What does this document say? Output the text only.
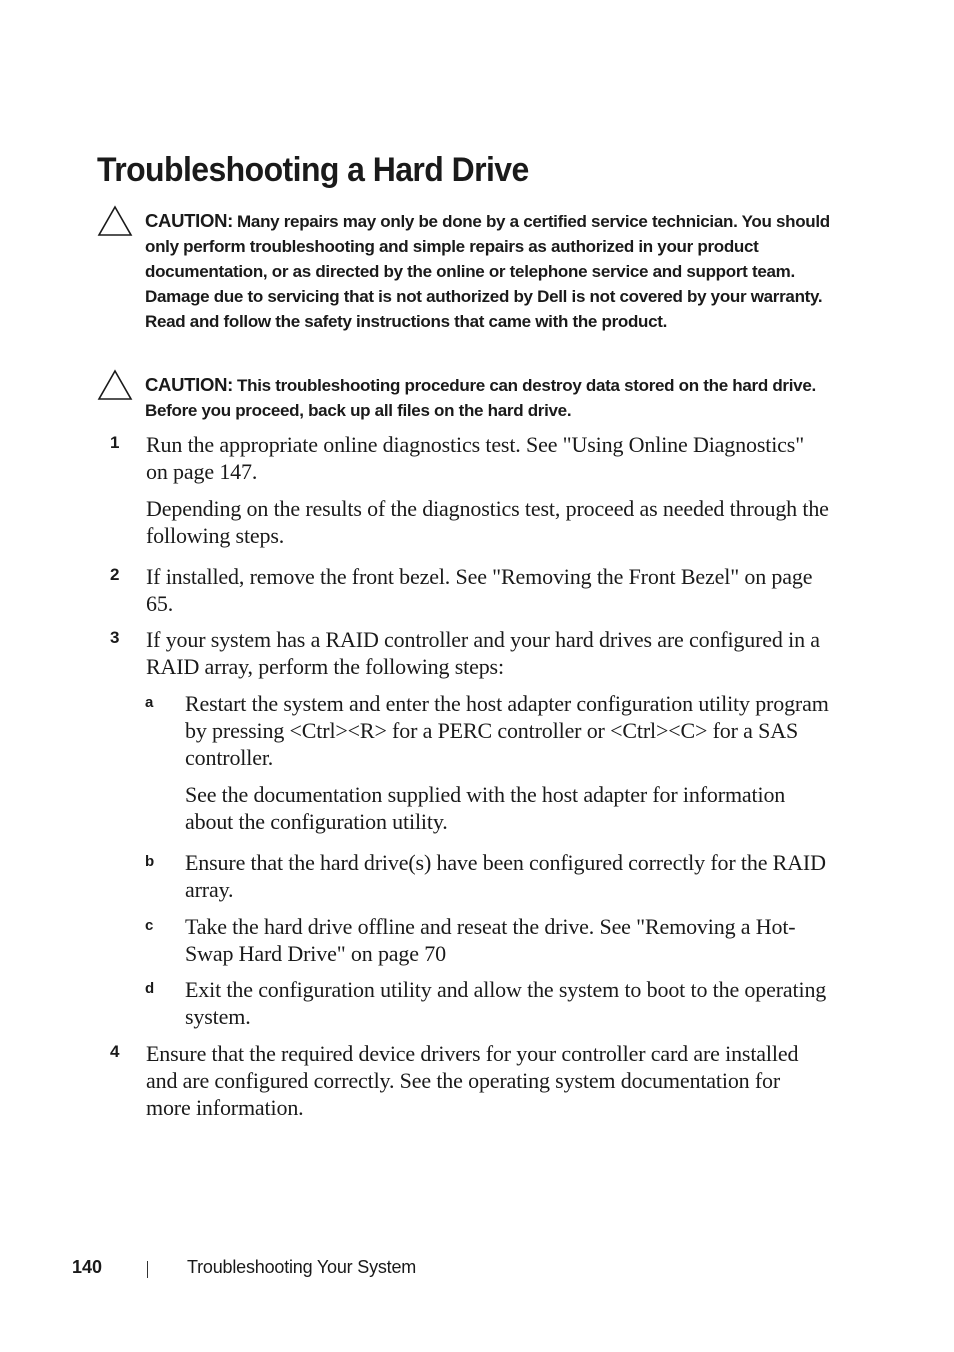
Troubleshooting a Hard Drive
CAUTION: Many repairs may only be done by a certified service technician. You should only perform troubleshooting and simple repairs as authorized in your product documentation, or as directed by the online or telephone service and support team. Damage due to servicing that is not authorized by Dell is not covered by your warranty. Read and follow the safety instructions that came with the product.
CAUTION: This troubleshooting procedure can destroy data stored on the hard drive. Before you proceed, back up all files on the hard drive.
1	Run the appropriate online diagnostics test. See "Using Online Diagnostics" on page 147.

Depending on the results of the diagnostics test, proceed as needed through the following steps.

2	If installed, remove the front bezel. See "Removing the Front Bezel" on page 65.

3	If your system has a RAID controller and your hard drives are configured in a RAID array, perform the following steps:

a	Restart the system and enter the host adapter configuration utility program by pressing <Ctrl><R> for a PERC controller or <Ctrl><C> for a SAS controller.

See the documentation supplied with the host adapter for information about the configuration utility.

b	Ensure that the hard drive(s) have been configured correctly for the RAID array.

c	Take the hard drive offline and reseat the drive. See "Removing a Hot-Swap Hard Drive" on page 70

d	Exit the configuration utility and allow the system to boot to the operating system.

4	Ensure that the required device drivers for your controller card are installed and are configured correctly. See the operating system documentation for more information.

140	Troubleshooting Your System
